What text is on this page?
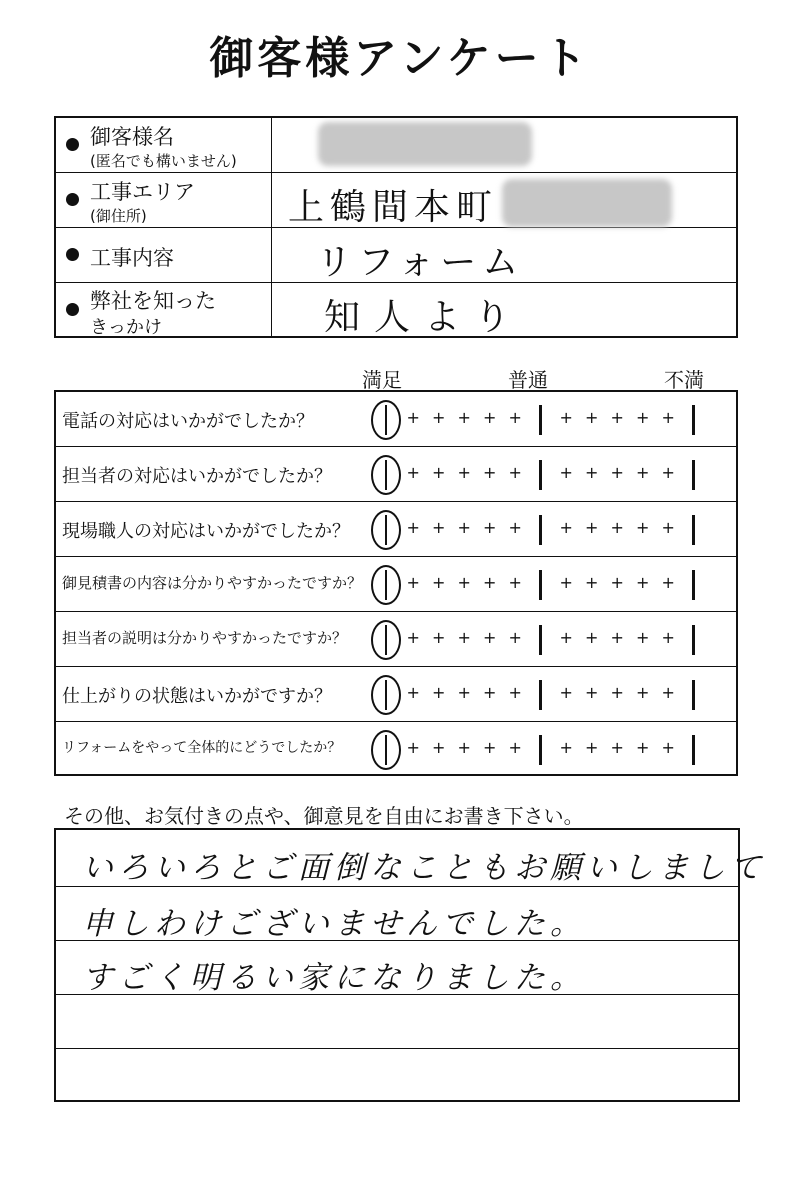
御客様アンケート
御客様名
(匿名でも構いません)
工事エリア
(御住所)	上鶴間本町
工事内容	リフォーム
弊社を知った
きっかけ	知人より
満足	普通	不満
電話の対応はいかがでしたか？	+ + + + + + + + + +
担当者の対応はいかがでしたか？	+ + + + + + + + + +
現場職人の対応はいかがでしたか？	+ + + + + + + + + +
御見積書の内容は分かりやすかったですか？	+ + + + + + + + + +
担当者の説明は分かりやすかったですか？	+ + + + + + + + + +
仕上がりの状態はいかがですか？	+ + + + + + + + + +
リフォームをやって全体的にどうでしたか？	+ + + + + + + + + +
その他、お気付きの点や、御意見を自由にお書き下さい。
いろいろとご面倒なこともお願いしまして
申しわけございませんでした。
すごく明るい家になりました。
